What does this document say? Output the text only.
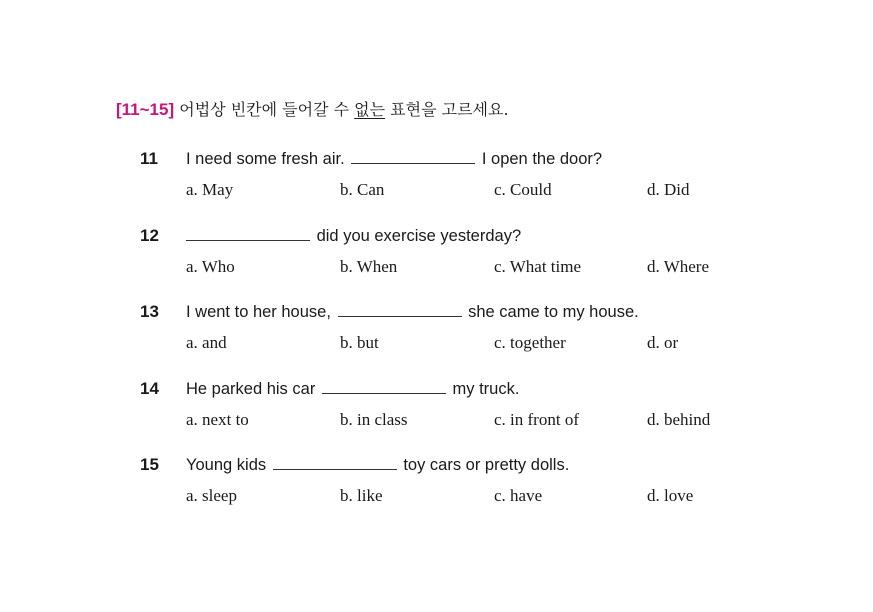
[11~15] 어법상 빈칸에 들어갈 수 없는 표현을 고르세요.
11 I need some fresh air.	I open the door?
a. May	b. Can	c. Could	d. Did
12	did you exercise yesterday?
a. Who	b. When	c. What time	d. Where
13 I went to her house,	she came to my house.
a. and	b. but	c. together	d. or
14 He parked his car	my truck.
a. next to	b. in class	c. in front of	d. behind
15 Young kids	toy cars or pretty dolls.
a. sleep	b. like	c. have	d. love
